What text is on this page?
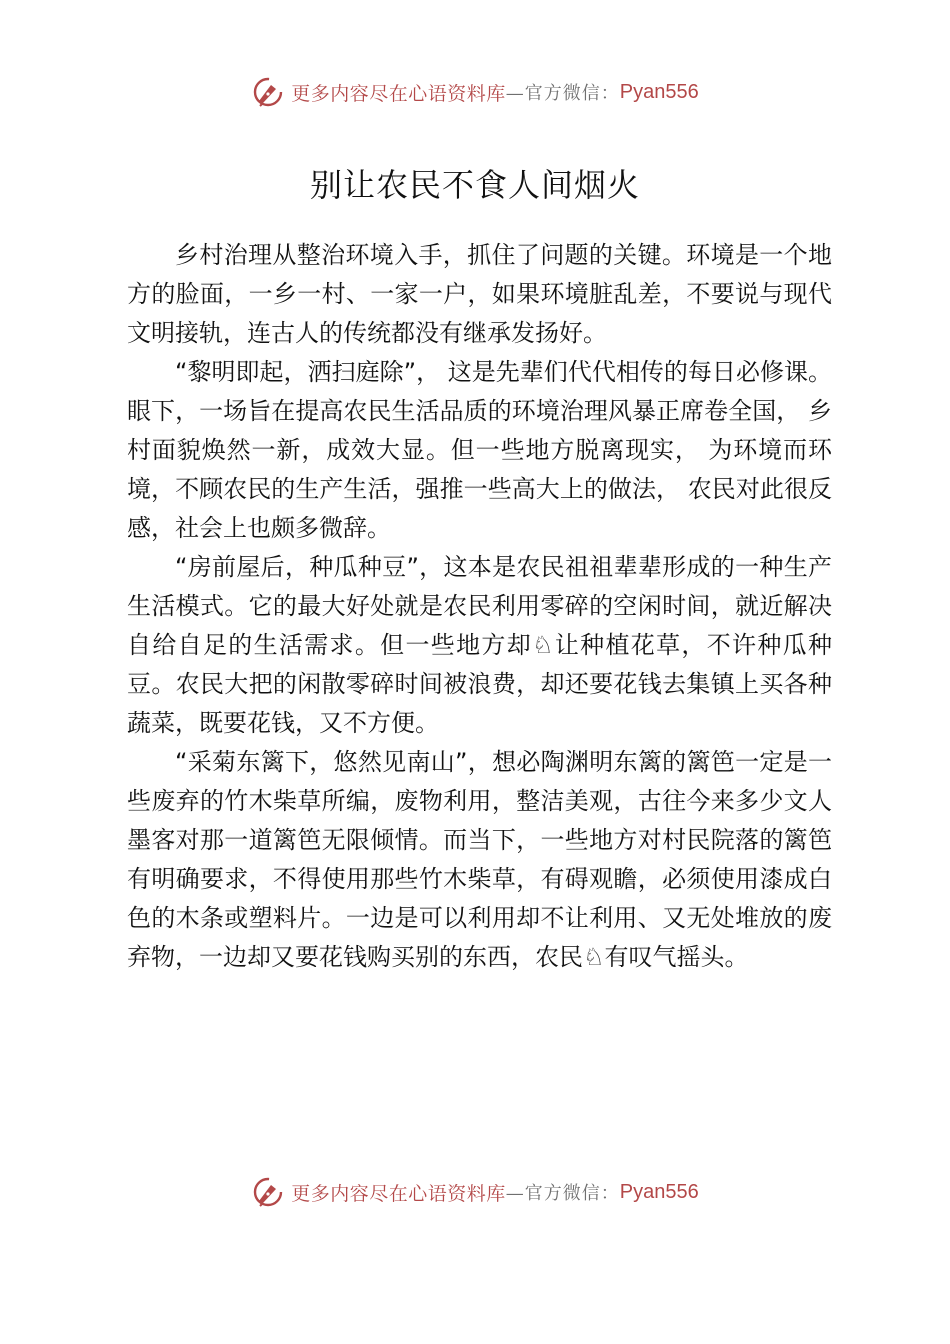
更多内容尽在心语资料库 —官方微信： Pyan556
别让农民不食人间烟火

乡村治理从整治环境入手，抓住了问题的关键。环境是一个地方的脸面，一乡一村、一家一户，如果环境脏乱差，不要说与现代文明接轨，连古人的传统都没有继承发扬好。

“黎明即起，洒扫庭除”， 这是先辈们代代相传的每日必修课。眼下，一场旨在提高农民生活品质的环境治理风暴正席卷全国， 乡村面貌焕然一新，成效大显。但一些地方脱离现实， 为环境而环境，不顾农民的生产生活，强推一些高大上的做法， 农民对此很反感，社会上也颇多微辞。

“房前屋后，种瓜种豆”，这本是农民祖祖辈辈形成的一种生产生活模式。它的最大好处就是农民利用零碎的空闲时间，就近解决自给自足的生活需求。但一些地方却♘让种植花草，不许种瓜种豆。农民大把的闲散零碎时间被浪费，却还要花钱去集镇上买各种蔬菜，既要花钱，又不方便。

“采菊东篱下，悠然见南山”，想必陶渊明东篱的篱笆一定是一些废弃的竹木柴草所编，废物利用，整洁美观，古往今来多少文人墨客对那一道篱笆无限倾情。而当下，一些地方对村民院落的篱笆有明确要求，不得使用那些竹木柴草，有碍观瞻，必须使用漆成白色的木条或塑料片。一边是可以利用却不让利用、又无处堆放的废弃物，一边却又要花钱购买别的东西，农民♘有叹气摇头。

更多内容尽在心语资料库 —官方微信： Pyan556
